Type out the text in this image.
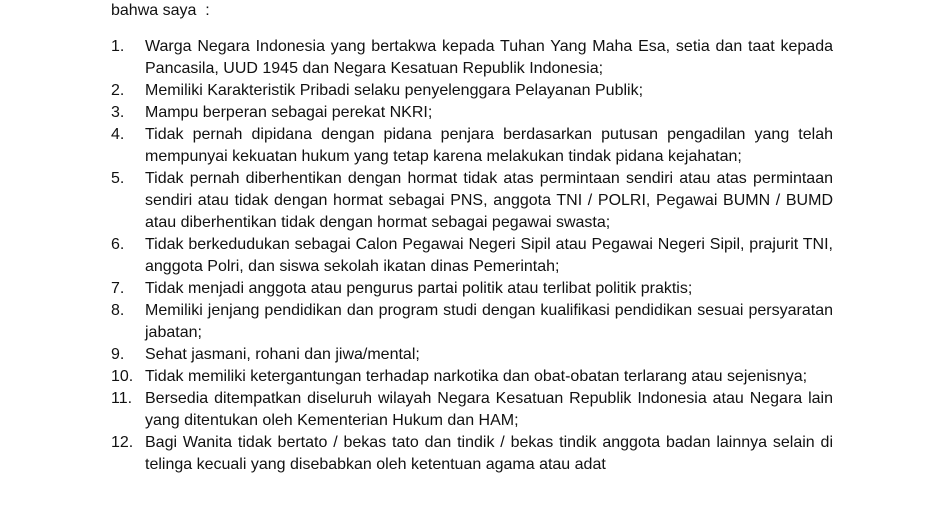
bahwa saya  :
1. Warga Negara Indonesia yang bertakwa kepada Tuhan Yang Maha Esa, setia dan taat kepada Pancasila, UUD 1945 dan Negara Kesatuan Republik Indonesia;
2. Memiliki Karakteristik Pribadi selaku penyelenggara Pelayanan Publik;
3. Mampu berperan sebagai perekat NKRI;
4. Tidak pernah dipidana dengan pidana penjara berdasarkan putusan pengadilan yang telah mempunyai kekuatan hukum yang tetap karena melakukan tindak pidana kejahatan;
5. Tidak pernah diberhentikan dengan hormat tidak atas permintaan sendiri atau atas permintaan sendiri atau tidak dengan hormat sebagai PNS, anggota TNI / POLRI, Pegawai BUMN / BUMD atau diberhentikan tidak dengan hormat sebagai pegawai swasta;
6. Tidak berkedudukan sebagai Calon Pegawai Negeri Sipil atau Pegawai Negeri Sipil, prajurit TNI, anggota Polri, dan siswa sekolah ikatan dinas Pemerintah;
7. Tidak menjadi anggota atau pengurus partai politik atau terlibat politik praktis;
8. Memiliki jenjang pendidikan dan program studi dengan kualifikasi pendidikan sesuai persyaratan jabatan;
9. Sehat jasmani, rohani dan jiwa/mental;
10. Tidak memiliki ketergantungan terhadap narkotika dan obat-obatan terlarang atau sejenisnya;
11. Bersedia ditempatkan diseluruh wilayah Negara Kesatuan Republik Indonesia atau Negara lain yang ditentukan oleh Kementerian Hukum dan HAM;
12. Bagi Wanita tidak bertato / bekas tato dan tindik / bekas tindik anggota badan lainnya selain di telinga kecuali yang disebabkan oleh ketentuan agama atau adat
